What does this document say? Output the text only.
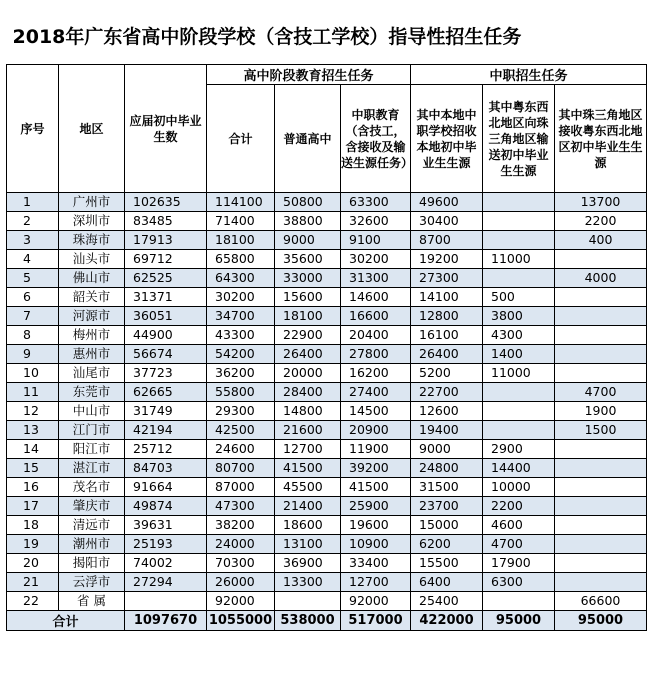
2018年广东省高中阶段学校（含技工学校）指导性招生任务								
序号	地区	应届初中毕业生数	高中阶段教育招生任务			中职招生任务		
			合计	普通高中	中职教育（含技工，含接收及输送生源任务）	其中本地中职学校招收本地初中毕业生生源	其中粤东西北地区向珠三角地区输送初中毕业生生源	其中珠三角地区接收粤东西北地区初中毕业生生源
1	广州市	102635	114100	50800	63300	49600		13700
2	深圳市	83485	71400	38800	32600	30400		2200
3	珠海市	17913	18100	9000	9100	8700		400
4	汕头市	69712	65800	35600	30200	19200	11000	
5	佛山市	62525	64300	33000	31300	27300		4000
6	韶关市	31371	30200	15600	14600	14100	500	
7	河源市	36051	34700	18100	16600	12800	3800	
8	梅州市	44900	43300	22900	20400	16100	4300	
9	惠州市	56674	54200	26400	27800	26400	1400	
10	汕尾市	37723	36200	20000	16200	5200	11000	
11	东莞市	62665	55800	28400	27400	22700		4700
12	中山市	31749	29300	14800	14500	12600		1900
13	江门市	42194	42500	21600	20900	19400		1500
14	阳江市	25712	24600	12700	11900	9000	2900	
15	湛江市	84703	80700	41500	39200	24800	14400	
16	茂名市	91664	87000	45500	41500	31500	10000	
17	肇庆市	49874	47300	21400	25900	23700	2200	
18	清远市	39631	38200	18600	19600	15000	4600	
19	潮州市	25193	24000	13100	10900	6200	4700	
20	揭阳市	74002	70300	36900	33400	15500	17900	
21	云浮市	27294	26000	13300	12700	6400	6300	
22	省 属		92000		92000	25400		66600
合计		1097670	1055000	538000	517000	422000	95000	95000
